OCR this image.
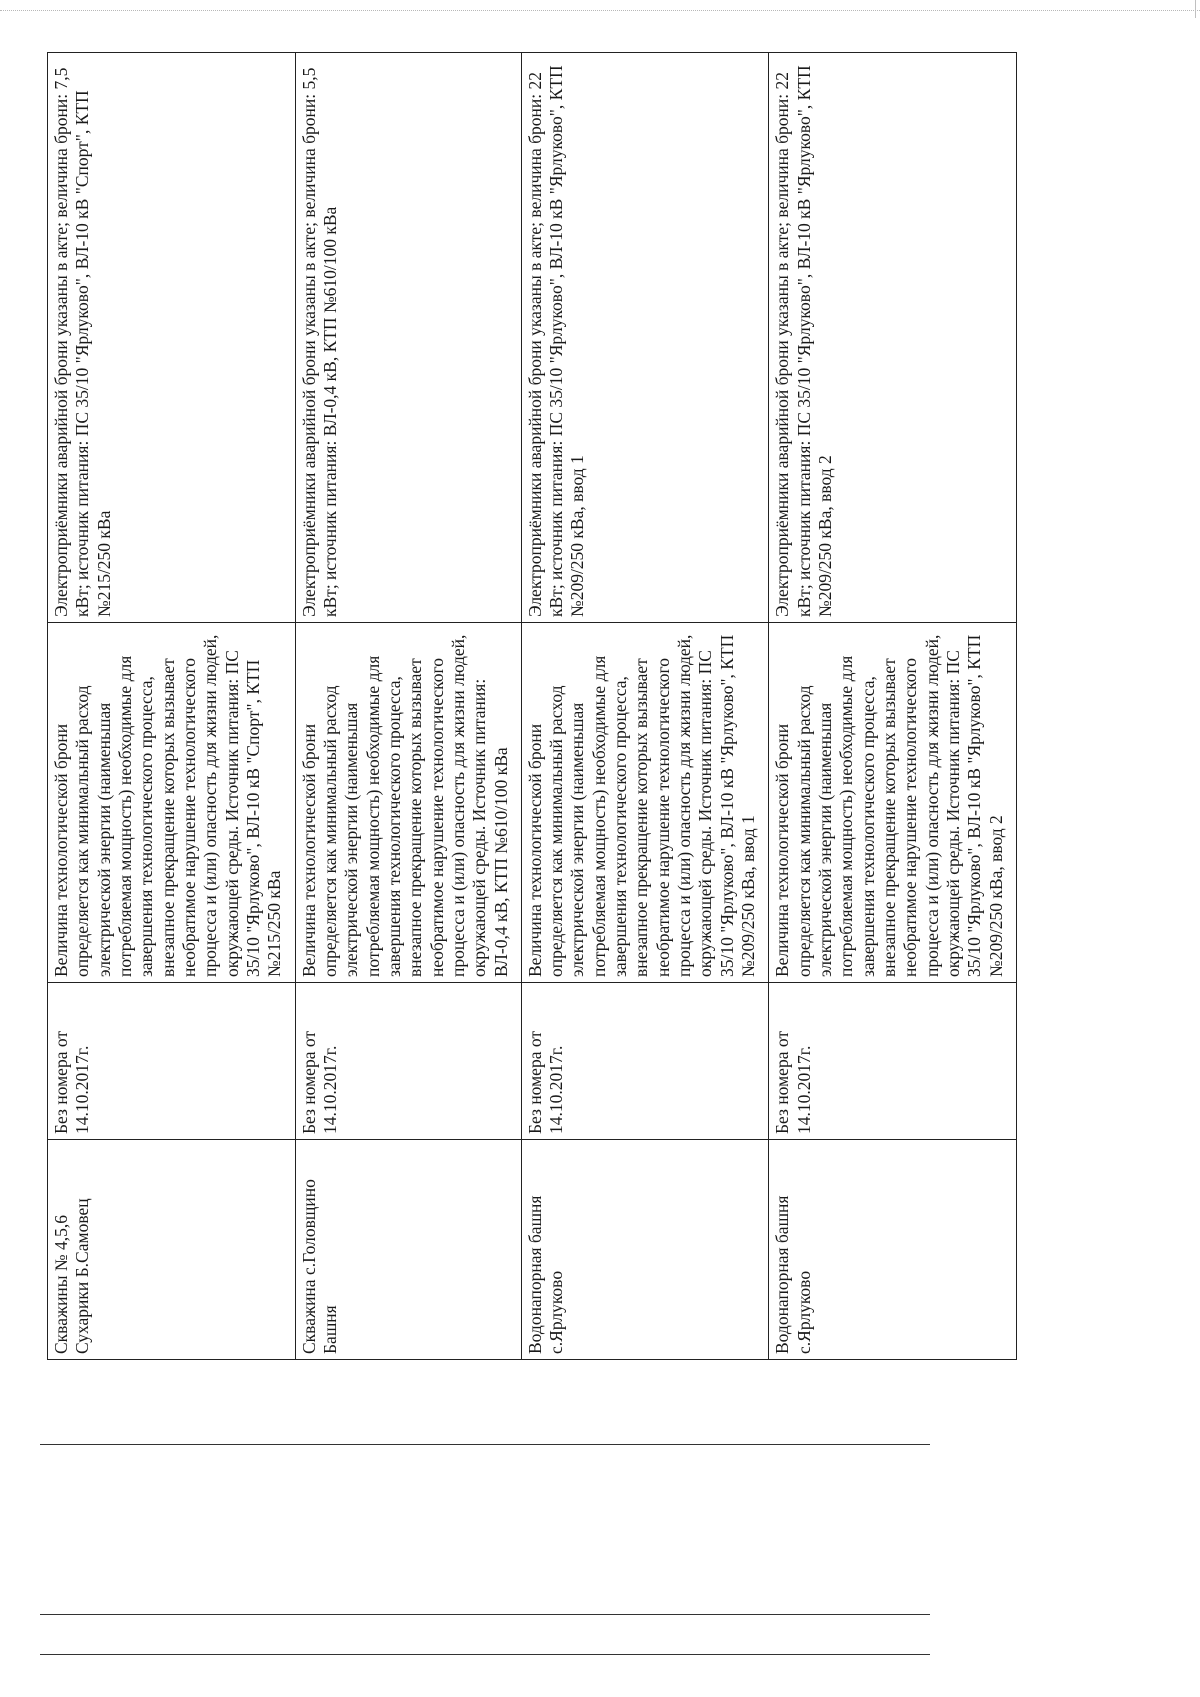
Скважины № 4,5,6 Сухарики Б.Самовец	Без номера от 14.10.2017г.	Величина технологической брони определяется как минимальный расход электрической энергии (наименьшая потребляемая мощность) необходимые для завершения технологического процесса, внезапное прекращение которых вызывает необратимое нарушение технологического процесса и (или) опасность для жизни людей, окружающей среды. Источник питания: ПС 35/10 "Ярлуково", ВЛ-10 кВ "Спорт", КТП №215/250 кВа	Электроприёмники аварийной брони указаны в акте; величина брони: 7,5 кВт; источник питания: ПС 35/10 "Ярлуково", ВЛ-10 кВ "Спорт", КТП №215/250 кВа
Скважина с.Головщино Башня	Без номера от 14.10.2017г.	Величина технологической брони определяется как минимальный расход электрической энергии (наименьшая потребляемая мощность) необходимые для завершения технологического процесса, внезапное прекращение которых вызывает необратимое нарушение технологического процесса и (или) опасность для жизни людей, окружающей среды. Источник питания: ВЛ-0,4 кВ, КТП №610/100 кВа	Электроприёмники аварийной брони указаны в акте; величина брони: 5,5 кВт; источник питания: ВЛ-0,4 кВ, КТП №610/100 кВа
Водонапорная башня с.Ярлуково	Без номера от 14.10.2017г.	Величина технологической брони определяется как минимальный расход электрической энергии (наименьшая потребляемая мощность) необходимые для завершения технологического процесса, внезапное прекращение которых вызывает необратимое нарушение технологического процесса и (или) опасность для жизни людей, окружающей среды. Источник питания: ПС 35/10 "Ярлуково", ВЛ-10 кВ "Ярлуково", КТП №209/250 кВа, ввод 1	Электроприёмники аварийной брони указаны в акте; величина брони: 22 кВт; источник питания: ПС 35/10 "Ярлуково", ВЛ-10 кВ "Ярлуково", КТП №209/250 кВа, ввод 1
Водонапорная башня с.Ярлуково	Без номера от 14.10.2017г.	Величина технологической брони определяется как минимальный расход электрической энергии (наименьшая потребляемая мощность) необходимые для завершения технологического процесса, внезапное прекращение которых вызывает необратимое нарушение технологического процесса и (или) опасность для жизни людей, окружающей среды. Источник питания: ПС 35/10 "Ярлуково", ВЛ-10 кВ "Ярлуково", КТП №209/250 кВа, ввод 2	Электроприёмники аварийной брони указаны в акте; величина брони: 22 кВт; источник питания: ПС 35/10 "Ярлуково", ВЛ-10 кВ "Ярлуково", КТП №209/250 кВа, ввод 2
